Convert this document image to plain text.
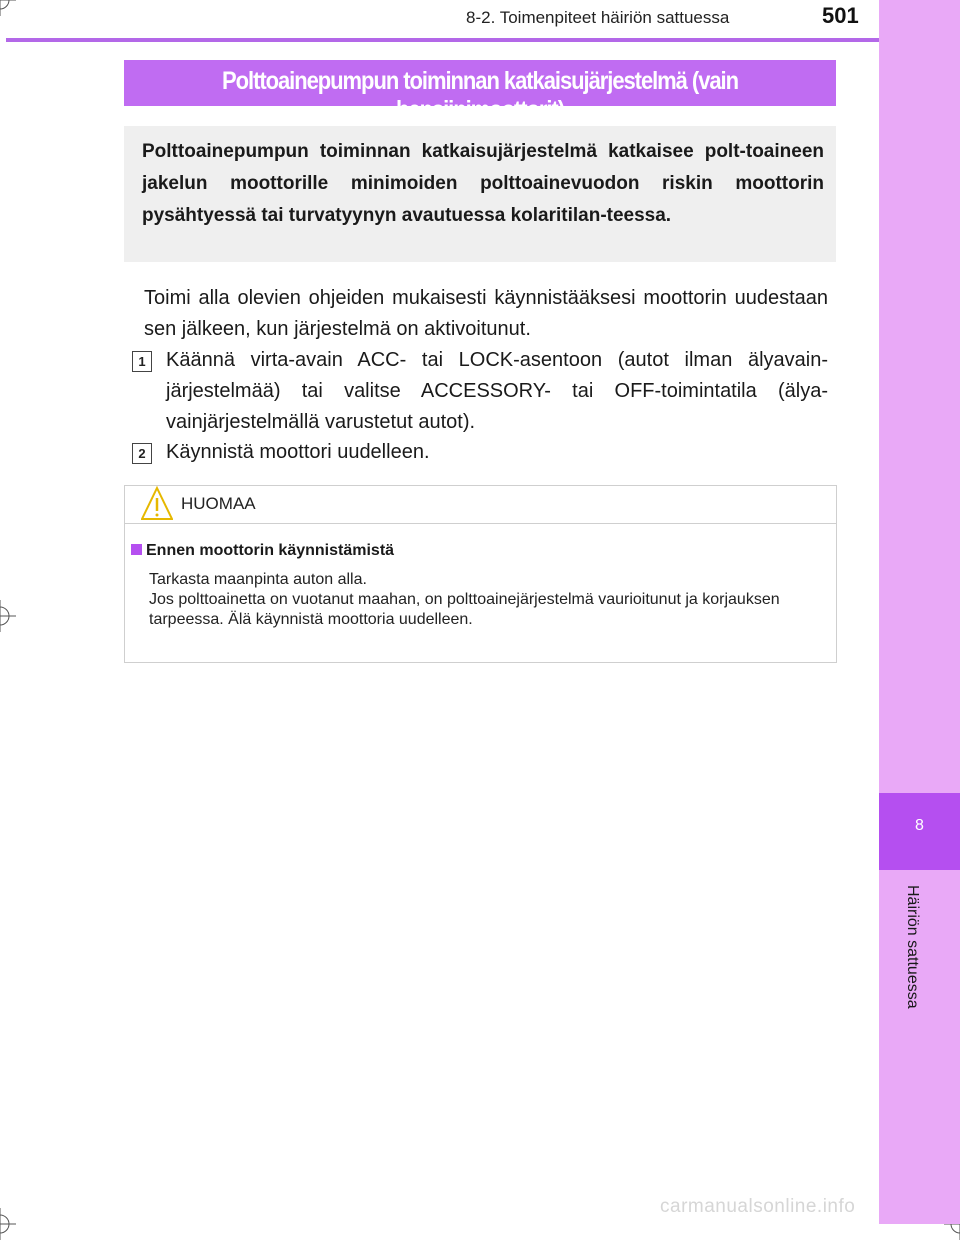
8
Häiriön sattuessa
8-2. Toimenpiteet häiriön sattuessa	501
Polttoainepumpun toiminnan katkaisujärjestelmä (vain bensiinimoottorit)
Polttoainepumpun toiminnan katkaisujärjestelmä katkaisee polt-toaineen jakelun moottorille minimoiden polttoainevuodon riskin moottorin pysähtyessä tai turvatyynyn avautuessa kolaritilan-teessa.
Toimi alla olevien ohjeiden mukaisesti käynnistääksesi moottorin uudestaan sen jälkeen, kun järjestelmä on aktivoitunut.
1	Käännä virta-avain ACC- tai LOCK-asentoon (autot ilman älyavain-järjestelmää) tai valitse ACCESSORY- tai OFF-toimintatila (älya-vainjärjestelmällä varustetut autot).
2	Käynnistä moottori uudelleen.
HUOMAA
Ennen moottorin käynnistämistä
Tarkasta maanpinta auton alla.
Jos polttoainetta on vuotanut maahan, on polttoainejärjestelmä vaurioitunut ja korjauksen tarpeessa. Älä käynnistä moottoria uudelleen.
carmanualsonline.info
